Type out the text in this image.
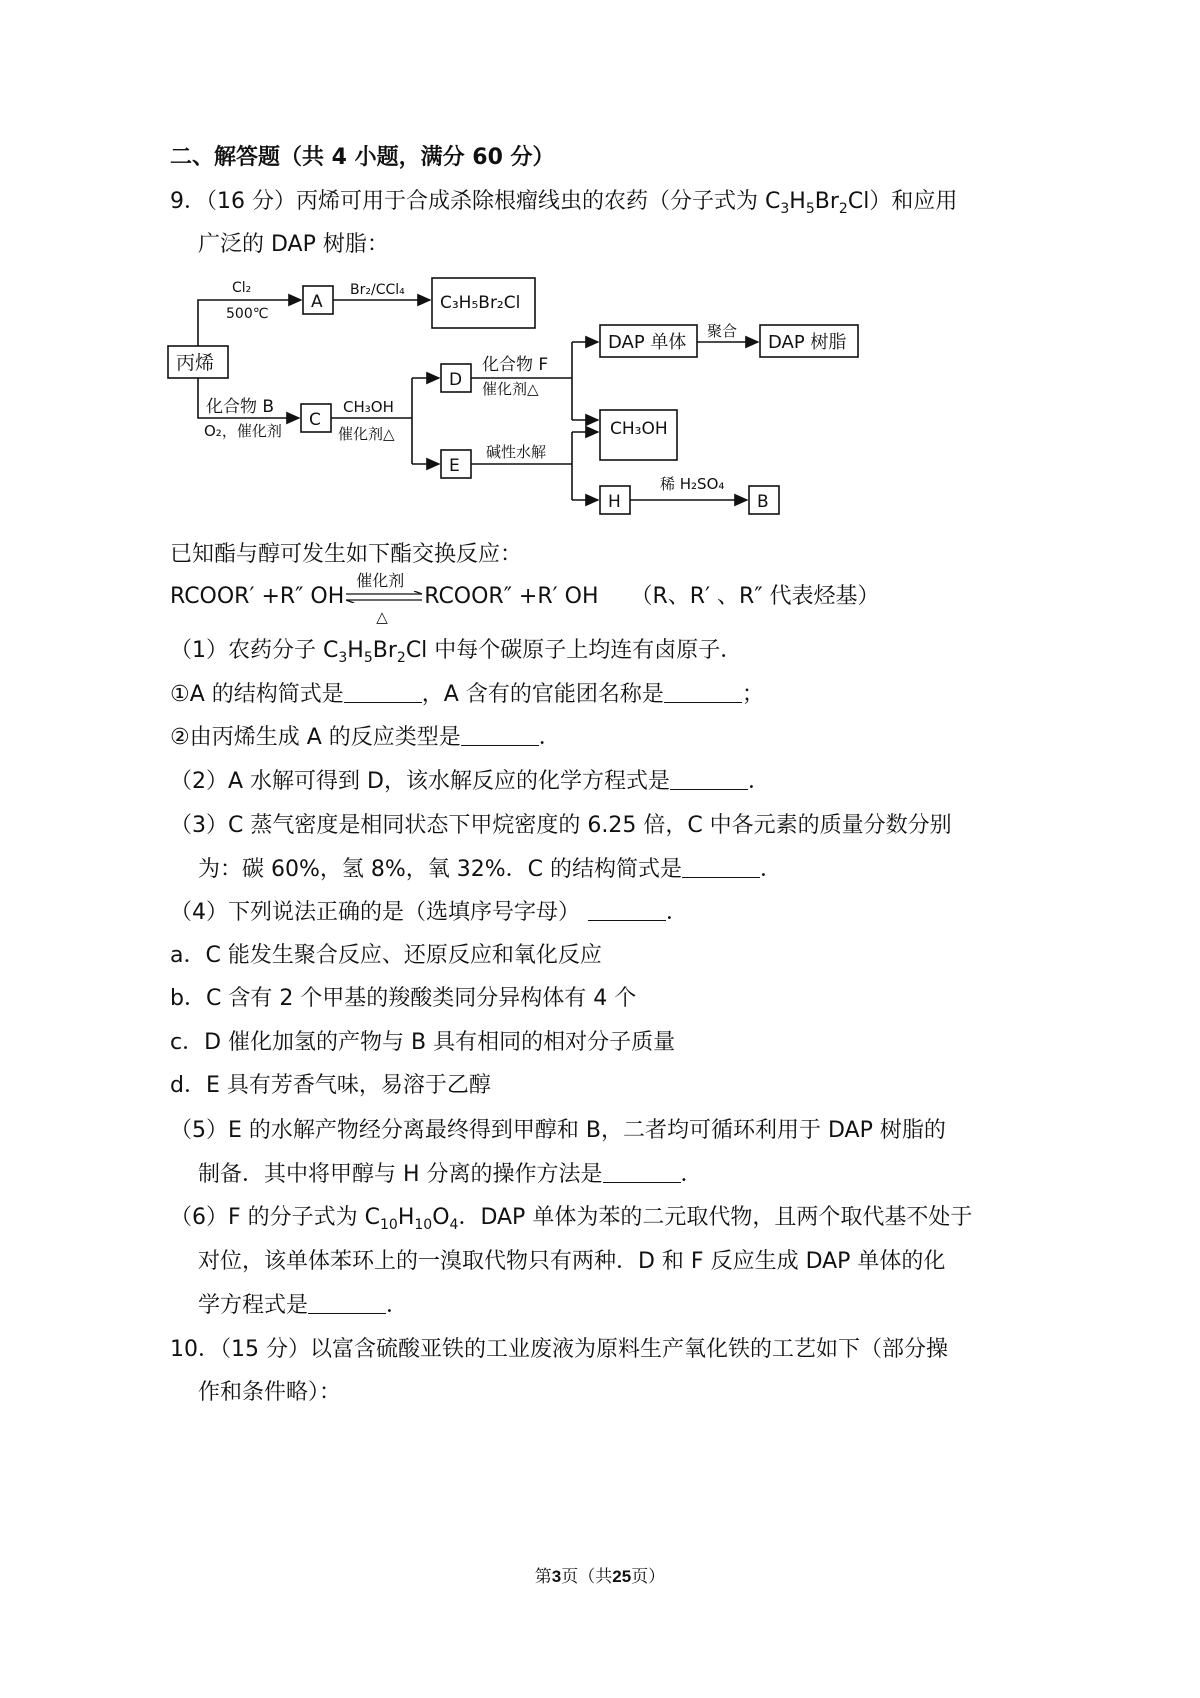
二、解答题（共 4 小题，满分 60 分）
9．（16 分）丙烯可用于合成杀除根瘤线虫的农药（分子式为 $C_3H_5Br_2Cl$）和应用
广泛的 DAP 树脂：
丙烯
Cl₂
500℃
A
Br₂/CCl₄
C₃H₅Br₂Cl
化合物 B
O₂，催化剂
C
CH₃OH
催化剂△
D
化合物 F
催化剂△
E
碱性水解
DAP 单体
聚合
DAP 树脂
CH₃OH
H
稀 H₂SO₄
B
已知酯与醇可发生如下酯交换反应：
RCOOR′ +R″ OH
催化剂
△
RCOOR″ +R′ OH （R、R′ 、R″ 代表烃基）
（1）农药分子 $C_3H_5Br_2Cl$ 中每个碳原子上均连有卤原子．
①A 的结构简式是	，A 含有的官能团名称是	；
②由丙烯生成 A 的反应类型是	．
（2）A 水解可得到 D，该水解反应的化学方程式是	．
（3）C 蒸气密度是相同状态下甲烷密度的 6.25 倍，C 中各元素的质量分数分别
为：碳 60%，氢 8%，氧 32%．C 的结构简式是	．
（4）下列说法正确的是（选填序号字母）	．
a．C 能发生聚合反应、还原反应和氧化反应
b．C 含有 2 个甲基的羧酸类同分异构体有 4 个
c．D 催化加氢的产物与 B 具有相同的相对分子质量
d．E 具有芳香气味，易溶于乙醇
（5）E 的水解产物经分离最终得到甲醇和 B，二者均可循环利用于 DAP 树脂的
制备．其中将甲醇与 H 分离的操作方法是	．
（6）F 的分子式为 $C_{10}H_{10}O_4$．DAP 单体为苯的二元取代物，且两个取代基不处于
对位，该单体苯环上的一溴取代物只有两种．D 和 F 反应生成 DAP 单体的化
学方程式是	．
10．（15 分）以富含硫酸亚铁的工业废液为原料生产氧化铁的工艺如下（部分操
作和条件略）：
第3页（共25页）
